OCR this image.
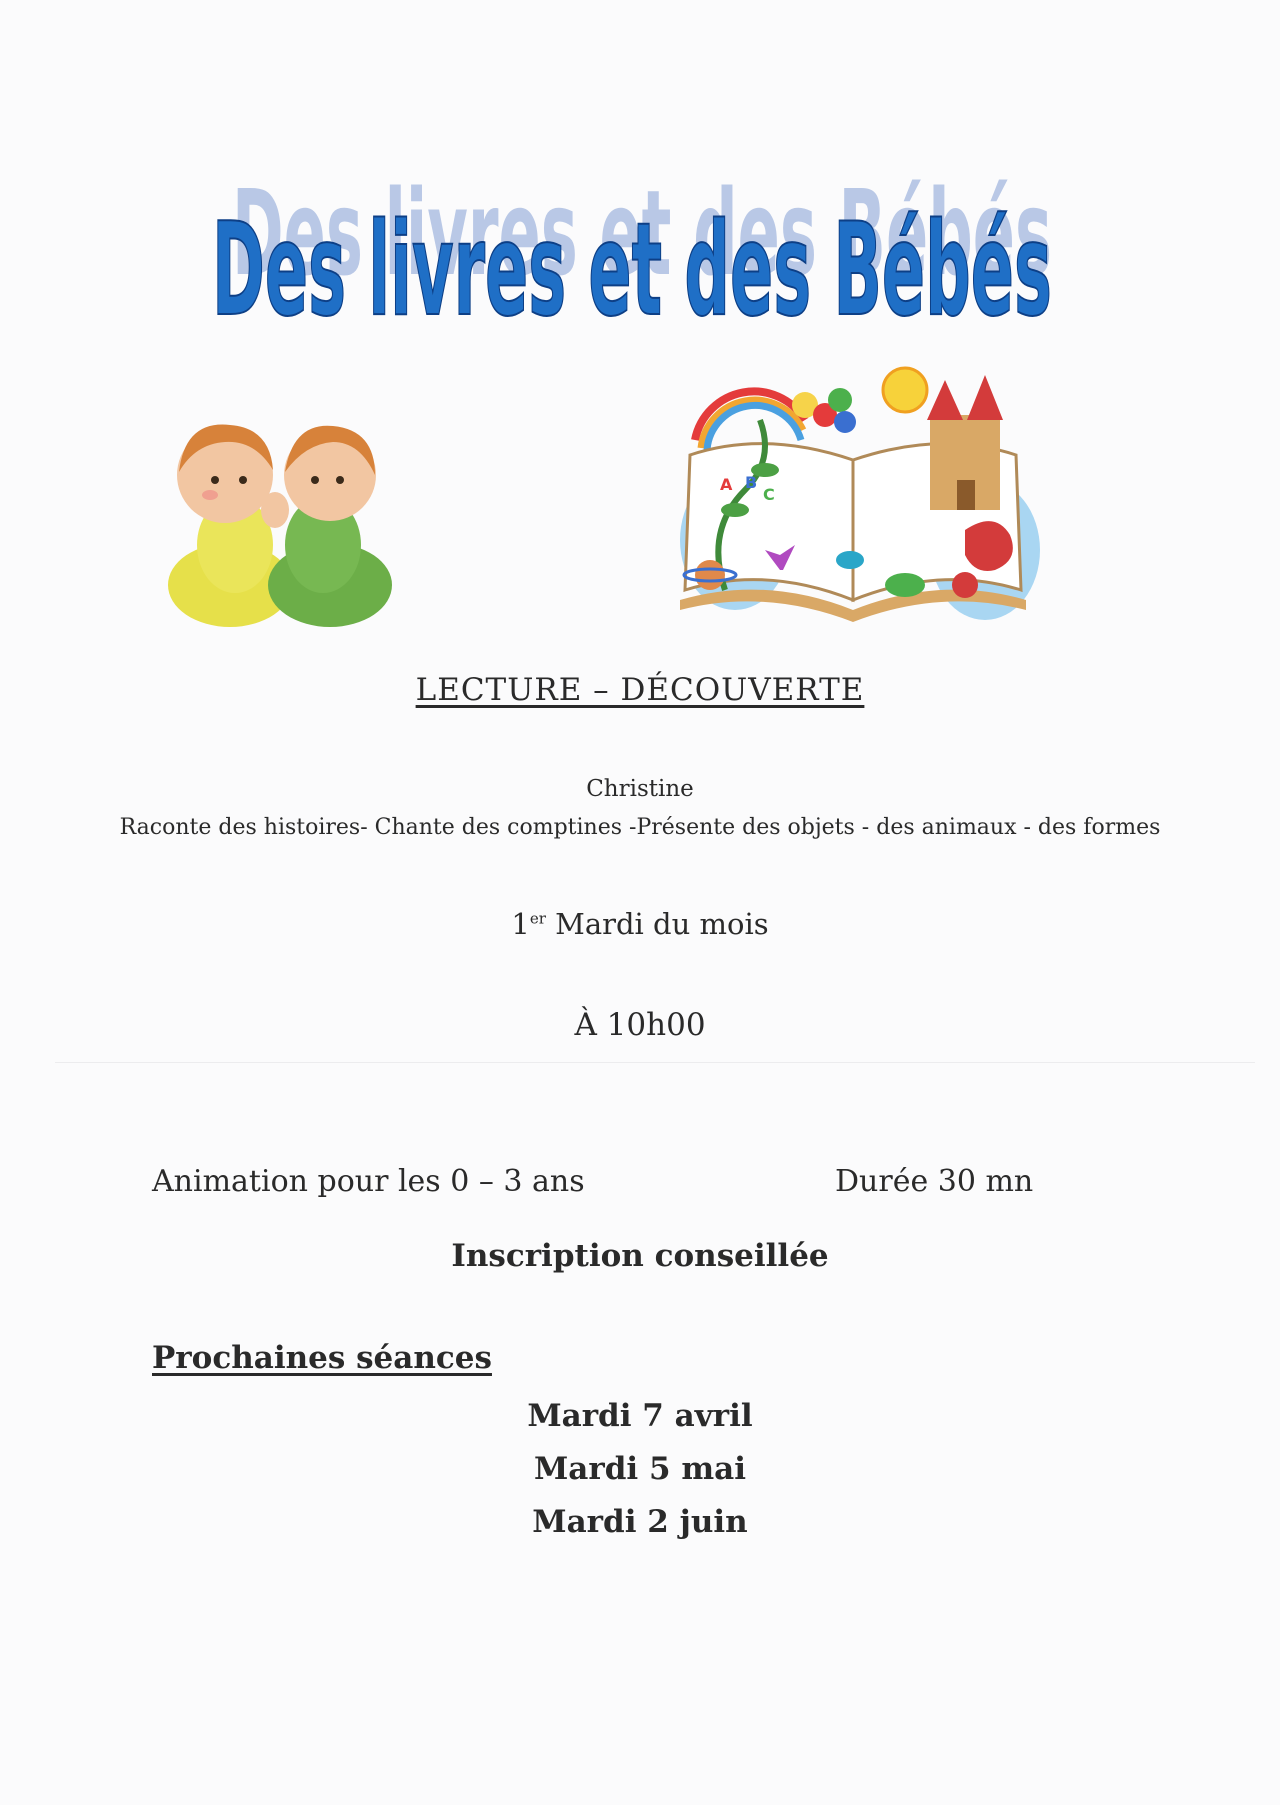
Des livres et des Bébés
Des livres et des Bébés
A B
C
LECTURE – DÉCOUVERTE
Christine
Raconte des histoires- Chante des comptines -Présente des objets - des animaux - des formes
1er Mardi du mois
À 10h00
Animation pour les 0 – 3 ans	Durée 30 mn
Inscription conseillée
Prochaines séances
Mardi 7 avril
Mardi 5 mai
Mardi 2 juin
